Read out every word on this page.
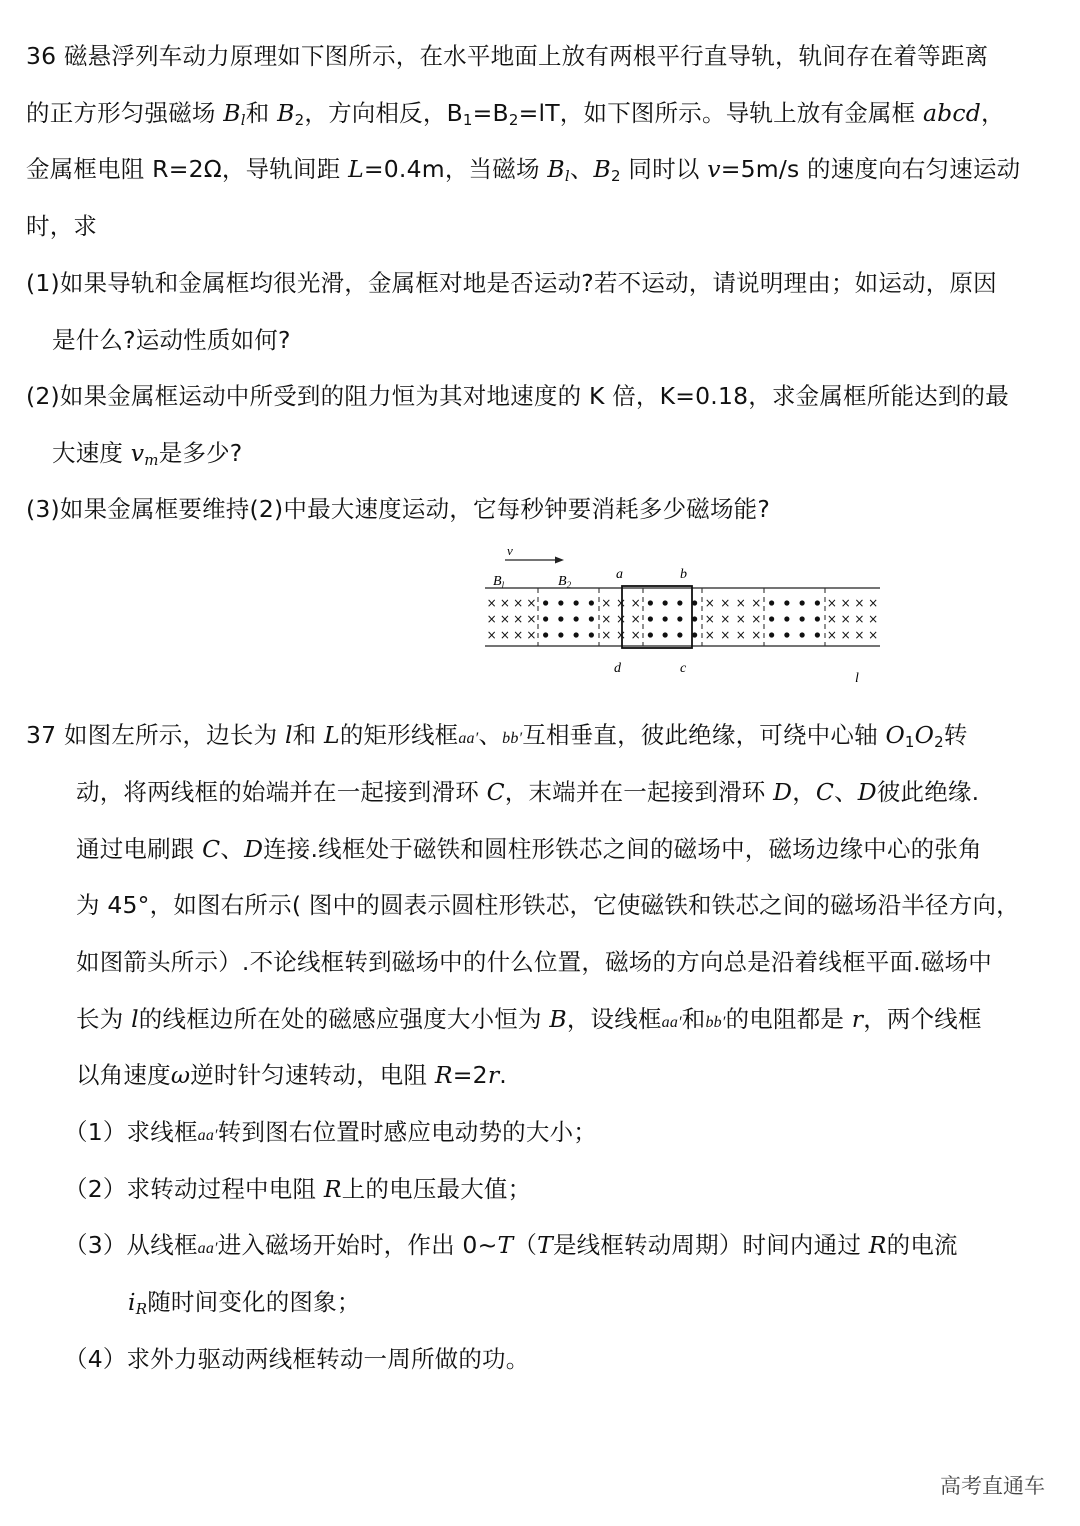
36 磁悬浮列车动力原理如下图所示，在水平地面上放有两根平行直导轨，轨间存在着等距离
的正方形匀强磁场 $B_l$和 $B_2$，方向相反，$B_1=B_2=lT$，如下图所示。导轨上放有金属框 abcd，
金属框电阻 R=2Ω，导轨间距 L=0.4m，当磁场 $B_l$、$B_2$ 同时以 v=5m/s 的速度向右匀速运动
时，求
(1)如果导轨和金属框均很光滑，金属框对地是否运动?若不运动，请说明理由；如运动，原因
是什么?运动性质如何?
(2)如果金属框运动中所受到的阻力恒为其对地速度的 K 倍，K=0.18，求金属框所能达到的最
大速度 $v_m$是多少?
(3)如果金属框要维持(2)中最大速度运动，它每秒钟要消耗多少磁场能?
v
$B_l$	$B_2$
a	b
× × × ×
× × × ×
× × × ×
× × ×
× × ×
× × ×
× × × ×
× × × ×
× × × ×
× × × ×
× × × ×
× × × ×
d	c
l
37 如图左所示，边长为 l和 L的矩形线框aa′、bb′互相垂直，彼此绝缘，可绕中心轴 $O_1O_2$转
动，将两线框的始端并在一起接到滑环 C，末端并在一起接到滑环 D，C、D彼此绝缘.
通过电刷跟 C、D连接.线框处于磁铁和圆柱形铁芯之间的磁场中，磁场边缘中心的张角
为 45°，如图右所示( 图中的圆表示圆柱形铁芯，它使磁铁和铁芯之间的磁场沿半径方向，
如图箭头所示）.不论线框转到磁场中的什么位置，磁场的方向总是沿着线框平面.磁场中
长为 l的线框边所在处的磁感应强度大小恒为 B，设线框aa′和bb′的电阻都是 r，两个线框
以角速度ω逆时针匀速转动，电阻 R=2r.
（1）求线框aa′转到图右位置时感应电动势的大小；
（2）求转动过程中电阻 R上的电压最大值；
（3）从线框aa′进入磁场开始时，作出 0~T（T是线框转动周期）时间内通过 R的电流
$i_R$随时间变化的图象；
（4）求外力驱动两线框转动一周所做的功。
高考直通车
